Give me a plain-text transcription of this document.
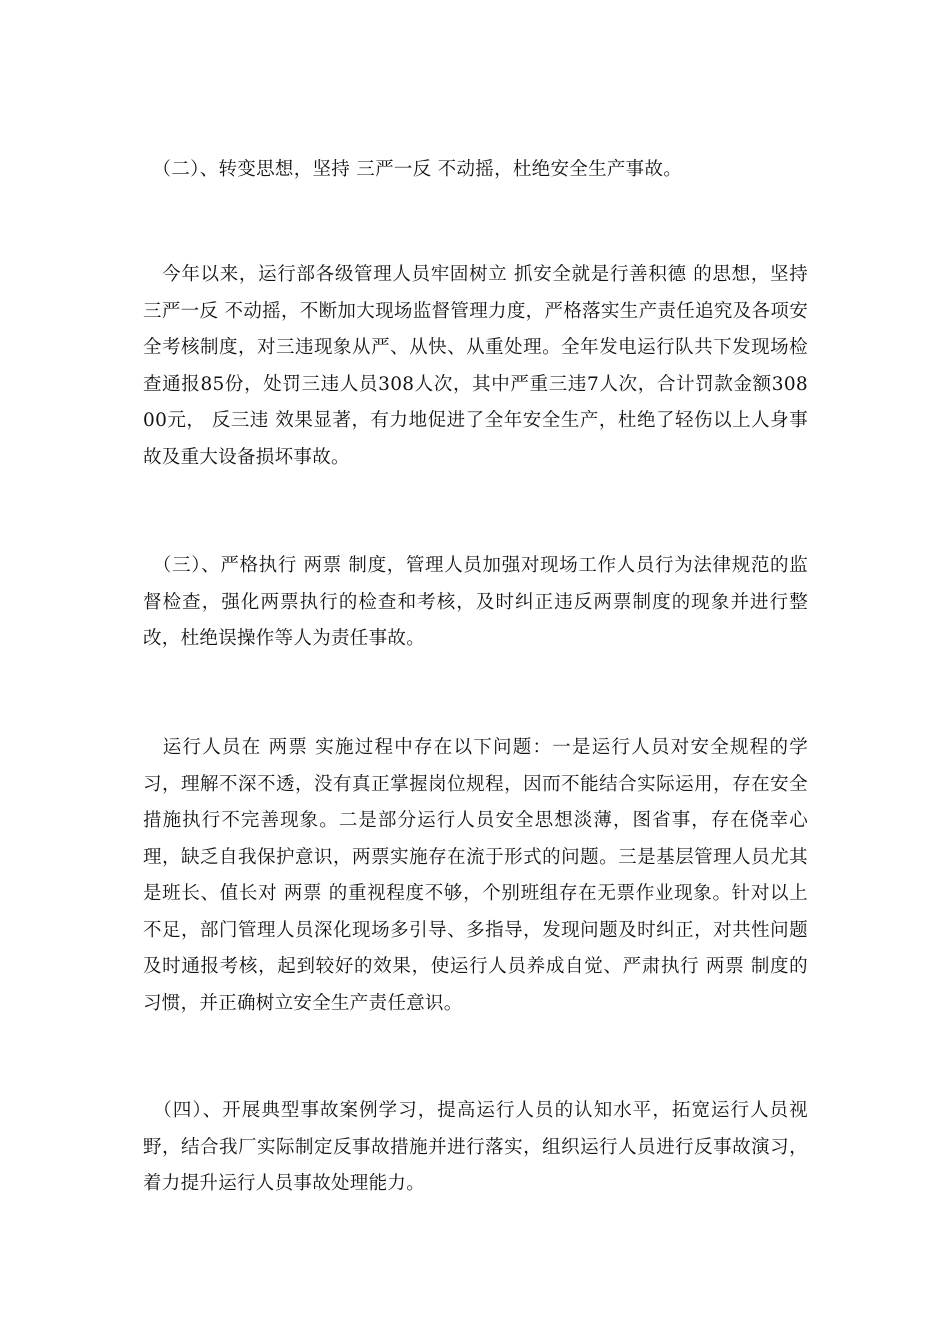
　（二）、转变思想，坚持 三严一反 不动摇，杜绝安全生产事故。

　今年以来，运行部各级管理人员牢固树立 抓安全就是行善积德 的思想，坚持 三严一反 不动摇，不断加大现场监督管理力度，严格落实生产责任追究及各项安全考核制度，对三违现象从严、从快、从重处理。全年发电运行队共下发现场检查通报85份，处罚三违人员308人次，其中严重三违7人次，合计罚款金额30800元， 反三违 效果显著，有力地促进了全年安全生产，杜绝了轻伤以上人身事故及重大设备损坏事故。

　（三）、严格执行 两票 制度，管理人员加强对现场工作人员行为法律规范的监督检查，强化两票执行的检查和考核，及时纠正违反两票制度的现象并进行整改，杜绝误操作等人为责任事故。

　运行人员在 两票 实施过程中存在以下问题：一是运行人员对安全规程的学习，理解不深不透，没有真正掌握岗位规程，因而不能结合实际运用，存在安全措施执行不完善现象。二是部分运行人员安全思想淡薄，图省事，存在侥幸心理，缺乏自我保护意识，两票实施存在流于形式的问题。三是基层管理人员尤其是班长、值长对 两票 的重视程度不够，个别班组存在无票作业现象。针对以上不足，部门管理人员深化现场多引导、多指导，发现问题及时纠正，对共性问题及时通报考核，起到较好的效果，使运行人员养成自觉、严肃执行 两票 制度的习惯，并正确树立安全生产责任意识。

　（四）、开展典型事故案例学习，提高运行人员的认知水平，拓宽运行人员视野，结合我厂实际制定反事故措施并进行落实，组织运行人员进行反事故演习，着力提升运行人员事故处理能力。
